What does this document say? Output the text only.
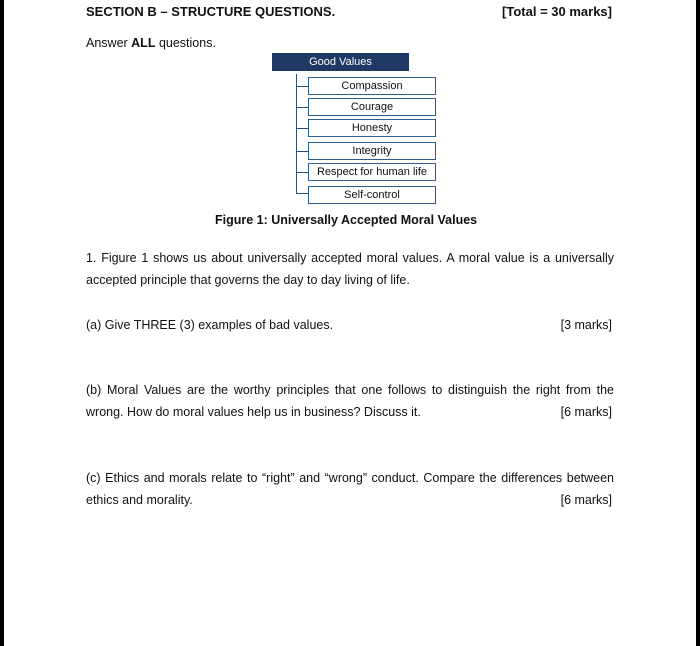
SECTION B – STRUCTURE QUESTIONS.	[Total = 30 marks]
Answer ALL questions.
Good Values
Compassion
Courage
Honesty
Integrity
Respect for human life
Self-control
Figure 1: Universally Accepted Moral Values
1. Figure 1 shows us about universally accepted moral values. A moral value is a universally accepted principle that governs the day to day living of life.
(a) Give THREE (3) examples of bad values.	[3 marks]
(b) Moral Values are the worthy principles that one follows to distinguish the right from the wrong. How do moral values help us in business? Discuss it.	[6 marks]
(c) Ethics and morals relate to “right” and “wrong” conduct. Compare the differences between ethics and morality.	[6 marks]
